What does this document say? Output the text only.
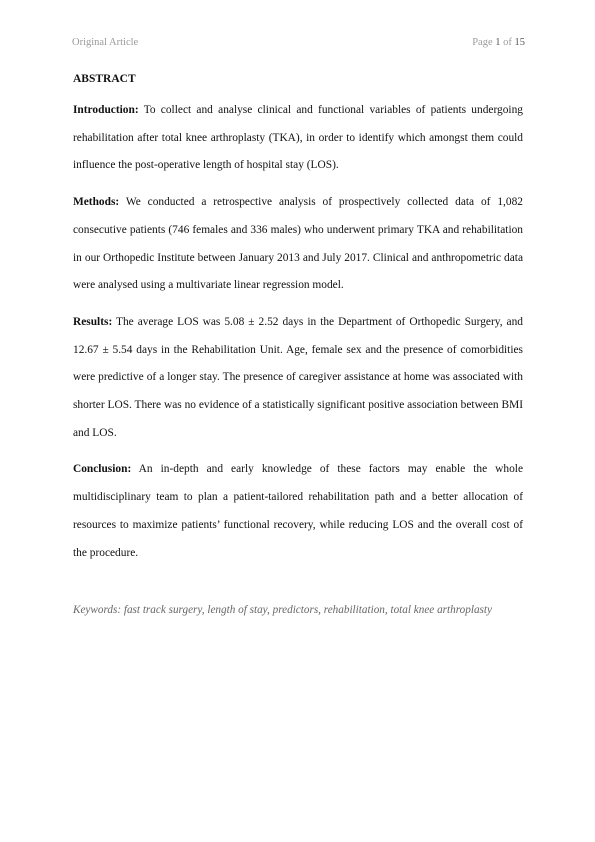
Original Article	Page 1 of 15
ABSTRACT

Introduction: To collect and analyse clinical and functional variables of patients undergoing rehabilitation after total knee arthroplasty (TKA), in order to identify which amongst them could influence the post-operative length of hospital stay (LOS).

Methods: We conducted a retrospective analysis of prospectively collected data of 1,082 consecutive patients (746 females and 336 males) who underwent primary TKA and rehabilitation in our Orthopedic Institute between January 2013 and July 2017. Clinical and anthropometric data were analysed using a multivariate linear regression model.

Results: The average LOS was 5.08 ± 2.52 days in the Department of Orthopedic Surgery, and 12.67 ± 5.54 days in the Rehabilitation Unit. Age, female sex and the presence of comorbidities were predictive of a longer stay. The presence of caregiver assistance at home was associated with shorter LOS. There was no evidence of a statistically significant positive association between BMI and LOS.

Conclusion: An in-depth and early knowledge of these factors may enable the whole multidisciplinary team to plan a patient-tailored rehabilitation path and a better allocation of resources to maximize patients’ functional recovery, while reducing LOS and the overall cost of the procedure.

Keywords: fast track surgery, length of stay, predictors, rehabilitation, total knee arthroplasty
